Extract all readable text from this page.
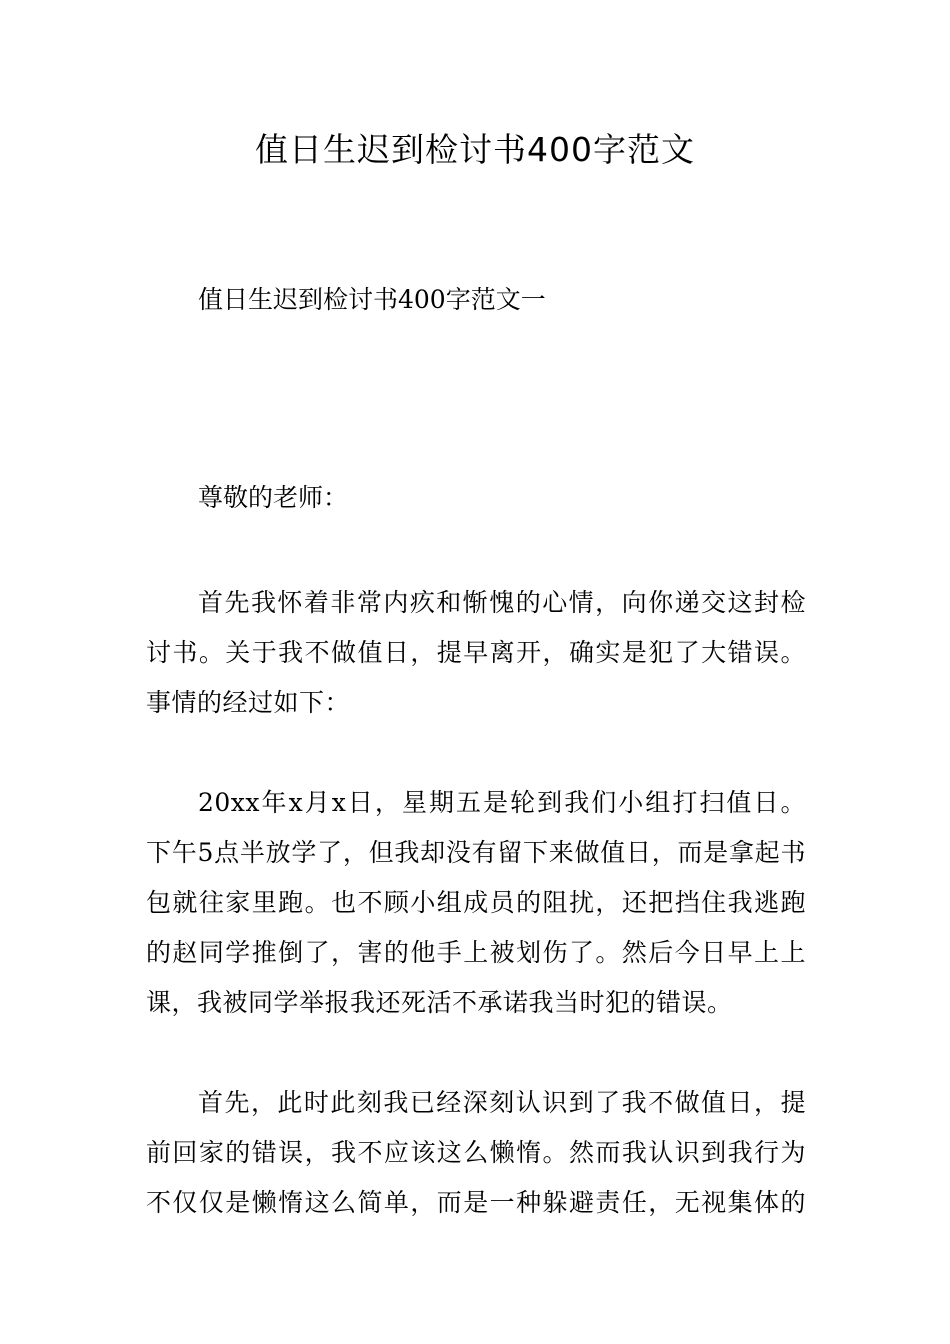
值日生迟到检讨书400字范文

值日生迟到检讨书400字范文一

尊敬的老师：

首先我怀着非常内疚和惭愧的心情，向你递交这封检
讨书。关于我不做值日，提早离开，确实是犯了大错误。
事情的经过如下：
20xx年x月x日，星期五是轮到我们小组打扫值日。
下午5点半放学了，但我却没有留下来做值日，而是拿起书
包就往家里跑。也不顾小组成员的阻扰，还把挡住我逃跑
的赵同学推倒了，害的他手上被划伤了。然后今日早上上
课，我被同学举报我还死活不承诺我当时犯的错误。
首先，此时此刻我已经深刻认识到了我不做值日，提
前回家的错误，我不应该这么懒惰。然而我认识到我行为
不仅仅是懒惰这么简单，而是一种躲避责任，无视集体的
